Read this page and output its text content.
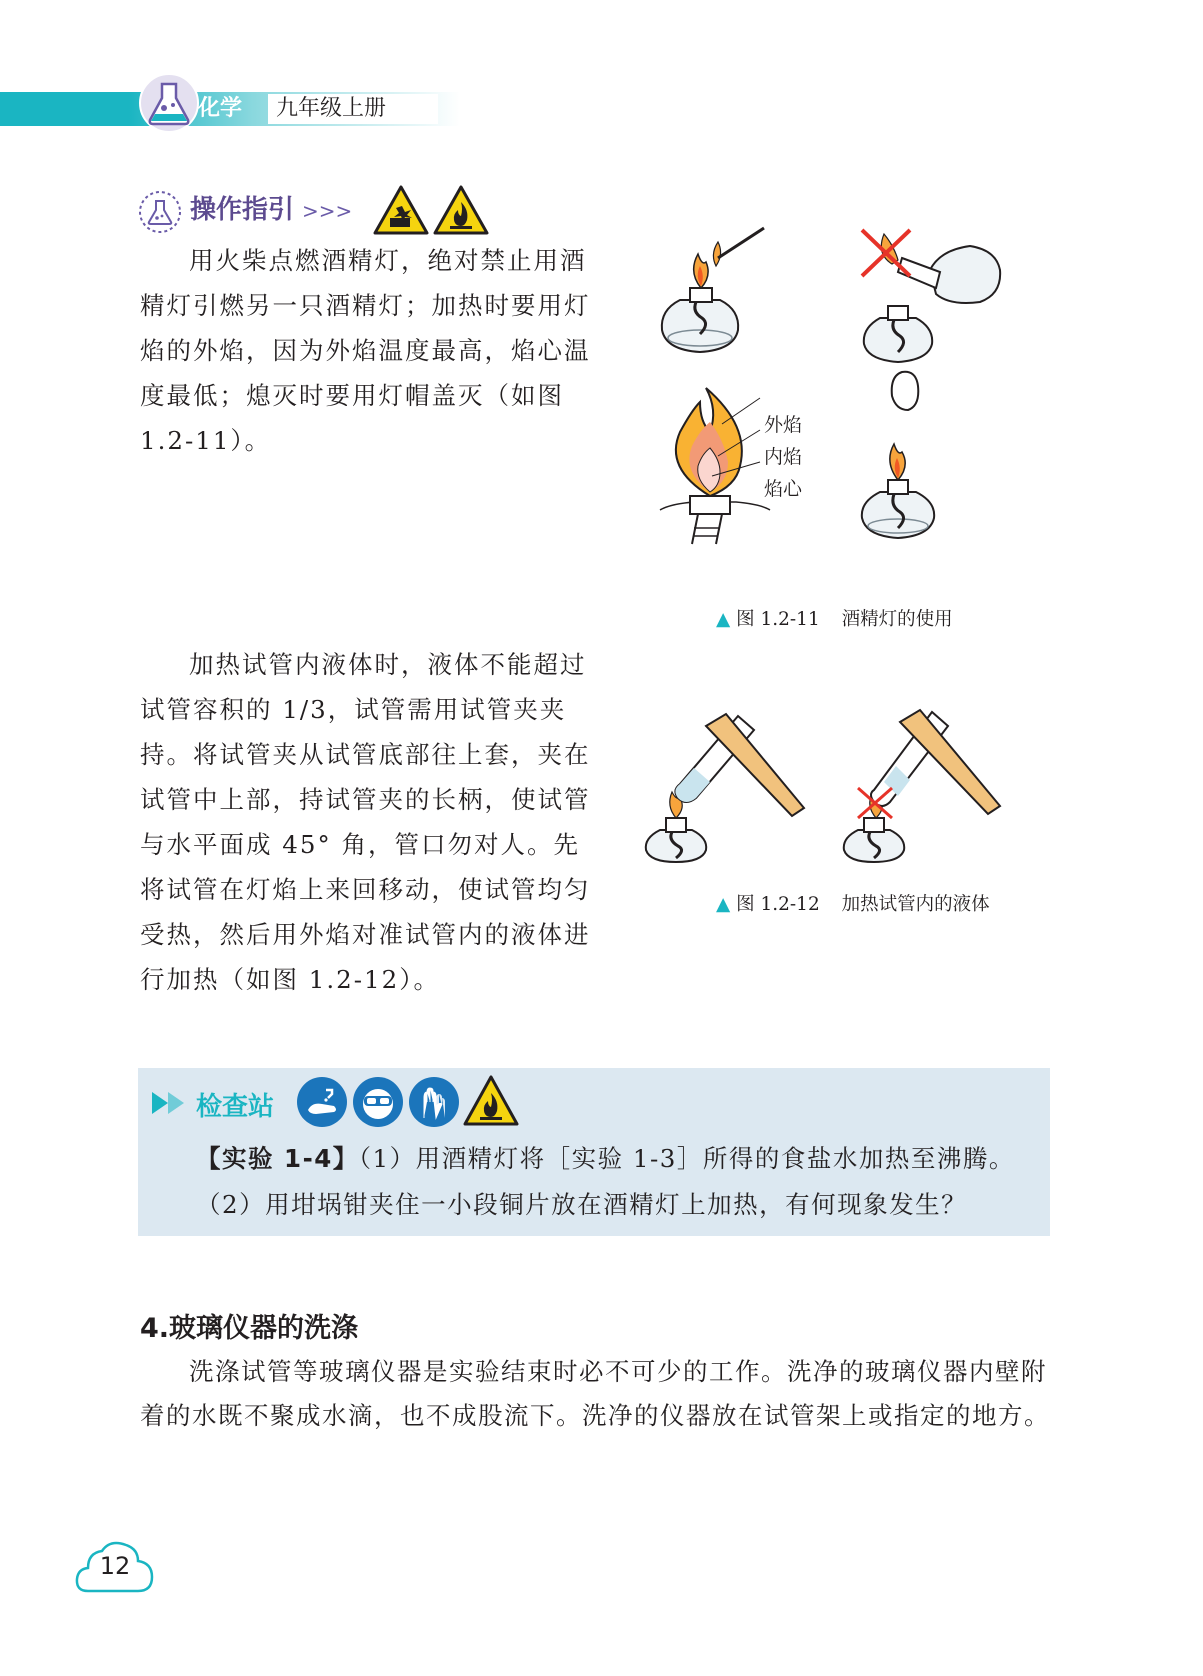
化学 九年级上册
操作指引 >>>

用火柴点燃酒精灯，绝对禁止用酒精灯引燃另一只酒精灯；加热时要用灯焰的外焰，因为外焰温度最高，焰心温度最低；熄灭时要用灯帽盖灭（如图 1.2-11）。

外焰
内焰
焰心
▲ 图 1.2-11 酒精灯的使用

加热试管内液体时，液体不能超过试管容积的 1/3，试管需用试管夹夹持。将试管夹从试管底部往上套，夹在试管中上部，持试管夹的长柄，使试管与水平面成 45° 角，管口勿对人。先将试管在灯焰上来回移动，使试管均匀受热，然后用外焰对准试管内的液体进行加热（如图 1.2-12）。

▲ 图 1.2-12 加热试管内的液体
检查站
【实验 1-4】（1）用酒精灯将［实验 1-3］所得的食盐水加热至沸腾。
（2）用坩埚钳夹住一小段铜片放在酒精灯上加热，有何现象发生？
4.玻璃仪器的洗涤

洗涤试管等玻璃仪器是实验结束时必不可少的工作。洗净的玻璃仪器内壁附着的水既不聚成水滴，也不成股流下。洗净的仪器放在试管架上或指定的地方。

12
